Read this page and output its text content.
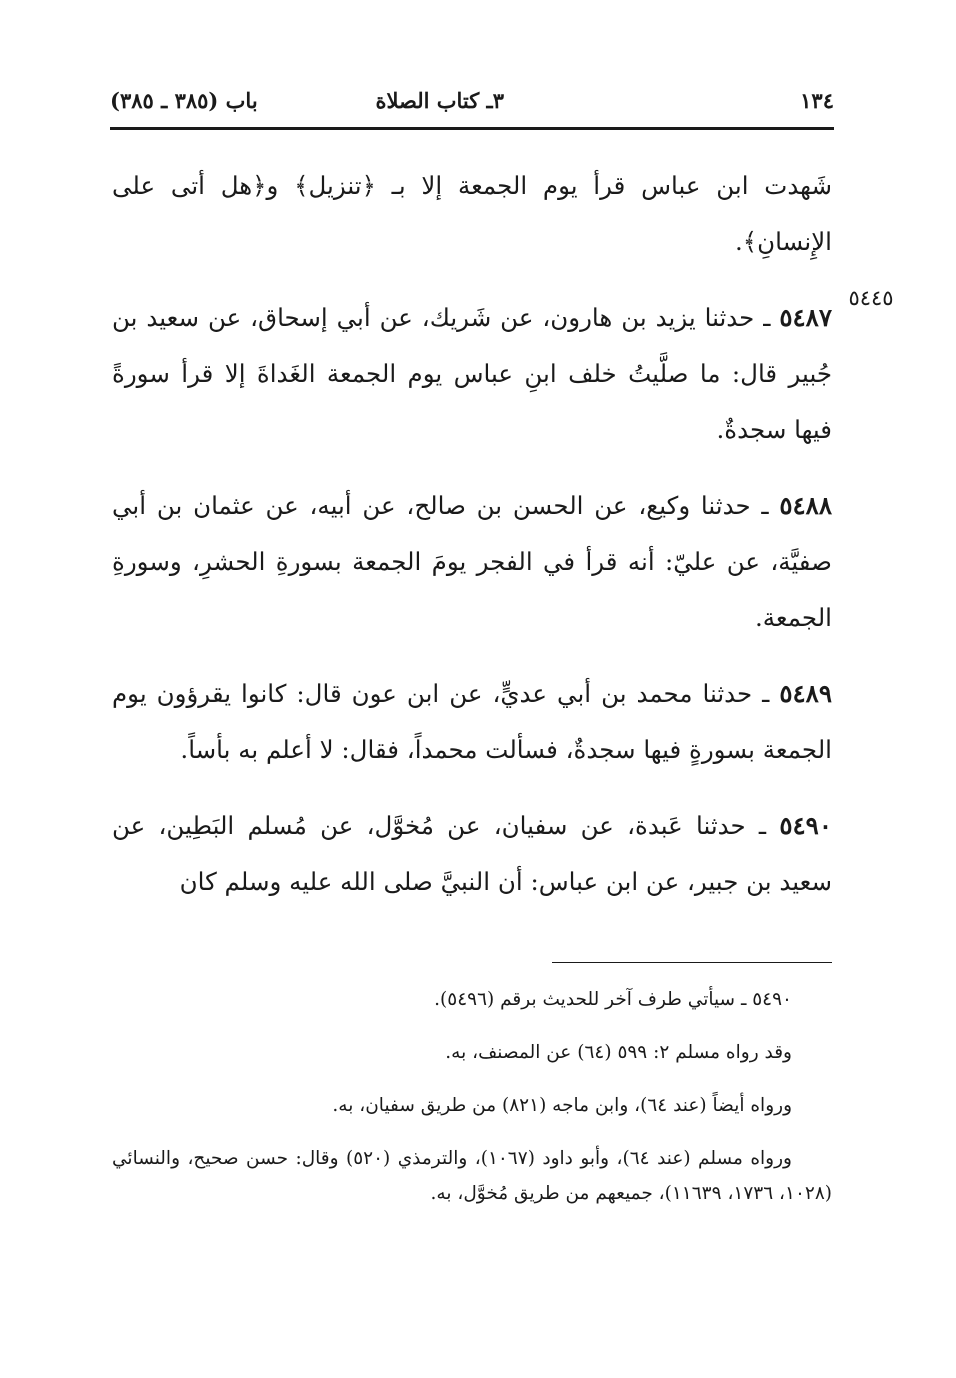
١٣٤
٣ـ كتاب الصلاة
باب (٣٨٥ ـ ٣٨٥)
٥٤٤٥

شَهدت ابن عباس قرأ يوم الجمعة إلا بـ ﴿تنزيل﴾ و﴿هل أتى على الإِنسانِ﴾.

٥٤٨٧ ـ حدثنا يزيد بن هارون، عن شَريك، عن أبي إسحاق، عن سعيد بن جُبير قال: ما صلَّيتُ خلف ابنِ عباس يوم الجمعة الغَداةَ إلا قرأ سورةً فيها سجدةٌ.

٥٤٨٨ ـ حدثنا وكيع، عن الحسن بن صالح، عن أبيه، عن عثمان بن أبي صفيَّة، عن عليّ: أنه قرأ في الفجر يومَ الجمعة بسورةِ الحشرِ، وسورةِ الجمعة.

٥٤٨٩ ـ حدثنا محمد بن أبي عديٍّ، عن ابن عون قال: كانوا يقرؤون يوم الجمعة بسورةٍ فيها سجدةٌ، فسألت محمداً، فقال: لا أعلم به بأساً.

٥٤٩٠ ـ حدثنا عَبدة، عن سفيان، عن مُخوَّل، عن مُسلم البَطِين، عن سعيد بن جبير، عن ابن عباس: أن النبيَّ صلى الله عليه وسلم كان

٥٤٩٠ ـ سيأتي طرف آخر للحديث برقم (٥٤٩٦).

وقد رواه مسلم ٢: ٥٩٩ (٦٤) عن المصنف، به.

ورواه أيضاً (عند ٦٤)، وابن ماجه (٨٢١) من طريق سفيان، به.

ورواه مسلم (عند ٦٤)، وأبو داود (١٠٦٧)، والترمذي (٥٢٠) وقال: حسن صحيح، والنسائي (١٠٢٨، ١٧٣٦، ١١٦٣٩)، جميعهم من طريق مُخوَّل، به.
